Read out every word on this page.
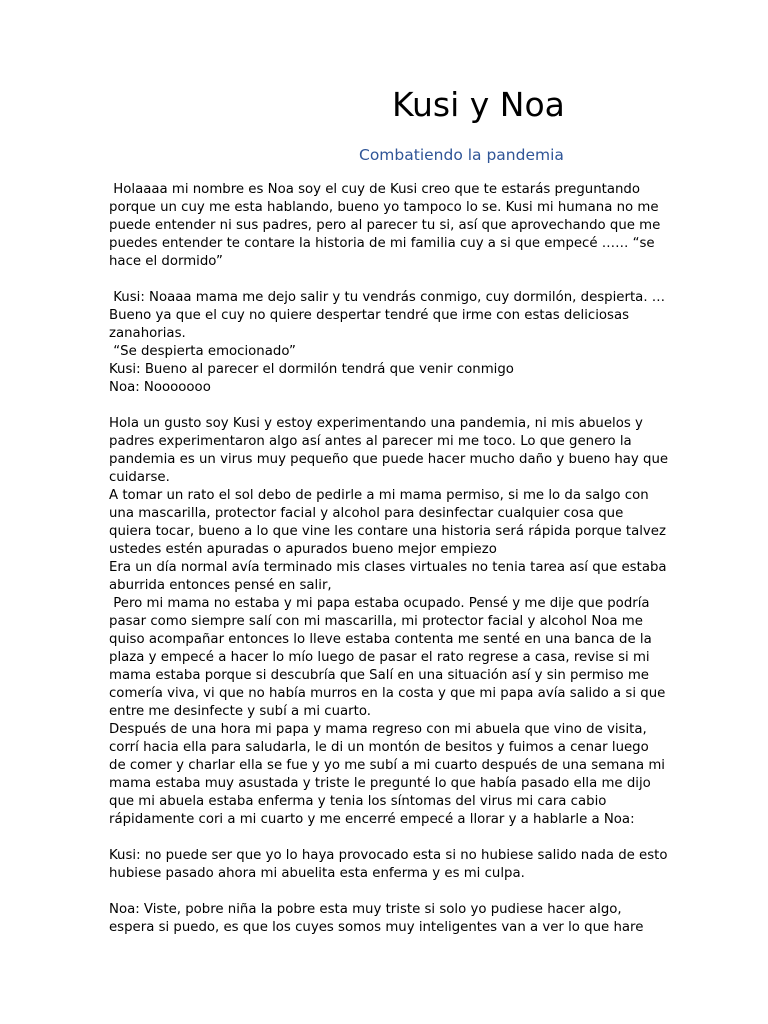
Kusi y Noa
Combatiendo la pandemia

Holaaaa mi nombre es Noa soy el cuy de Kusi creo que te estarás preguntando porque un cuy me esta hablando, bueno yo tampoco lo se. Kusi mi humana no me puede entender ni sus padres, pero al parecer tu si, así que aprovechando que me puedes entender te contare la historia de mi familia cuy a si que empecé …… “se hace el dormido”

Kusi: Noaaa mama me dejo salir y tu vendrás conmigo, cuy dormilón, despierta. … Bueno ya que el cuy no quiere despertar tendré que irme con estas deliciosas zanahorias.

“Se despierta emocionado”

Kusi: Bueno al parecer el dormilón tendrá que venir conmigo

Noa: Nooooooo

Hola un gusto soy Kusi y estoy experimentando una pandemia, ni mis abuelos y padres experimentaron algo así antes al parecer mi me toco. Lo que genero la pandemia es un virus muy pequeño que puede hacer mucho daño y bueno hay que cuidarse.

A tomar un rato el sol debo de pedirle a mi mama permiso, si me lo da salgo con una mascarilla, protector facial y alcohol para desinfectar cualquier cosa que quiera tocar, bueno a lo que vine les contare una historia será rápida porque talvez ustedes estén apuradas o apurados bueno mejor empiezo

Era un día normal avía terminado mis clases virtuales no tenia tarea así que estaba aburrida entonces pensé en salir,

Pero mi mama no estaba y mi papa estaba ocupado. Pensé y me dije que podría pasar como siempre salí con mi mascarilla, mi protector facial y alcohol Noa me quiso acompañar entonces lo lleve estaba contenta me senté en una banca de la plaza y empecé a hacer lo mío luego de pasar el rato regrese a casa, revise si mi mama estaba porque si descubría que Salí en una situación así y sin permiso me comería viva, vi que no había murros en la costa y que mi papa avía salido a si que entre me desinfecte y subí a mi cuarto.

Después de una hora mi papa y mama regreso con mi abuela que vino de visita, corrí hacia ella para saludarla, le di un montón de besitos y fuimos a cenar luego de comer y charlar ella se fue y yo me subí a mi cuarto después de una semana mi mama estaba muy asustada y triste le pregunté lo que había pasado ella me dijo que mi abuela estaba enferma y tenia los síntomas del virus mi cara cabio rápidamente cori a mi cuarto y me encerré empecé a llorar y a hablarle a Noa:

Kusi: no puede ser que yo lo haya provocado esta si no hubiese salido nada de esto hubiese pasado ahora mi abuelita esta enferma y es mi culpa.

Noa: Viste, pobre niña la pobre esta muy triste si solo yo pudiese hacer algo, espera si puedo, es que los cuyes somos muy inteligentes van a ver lo que hare
